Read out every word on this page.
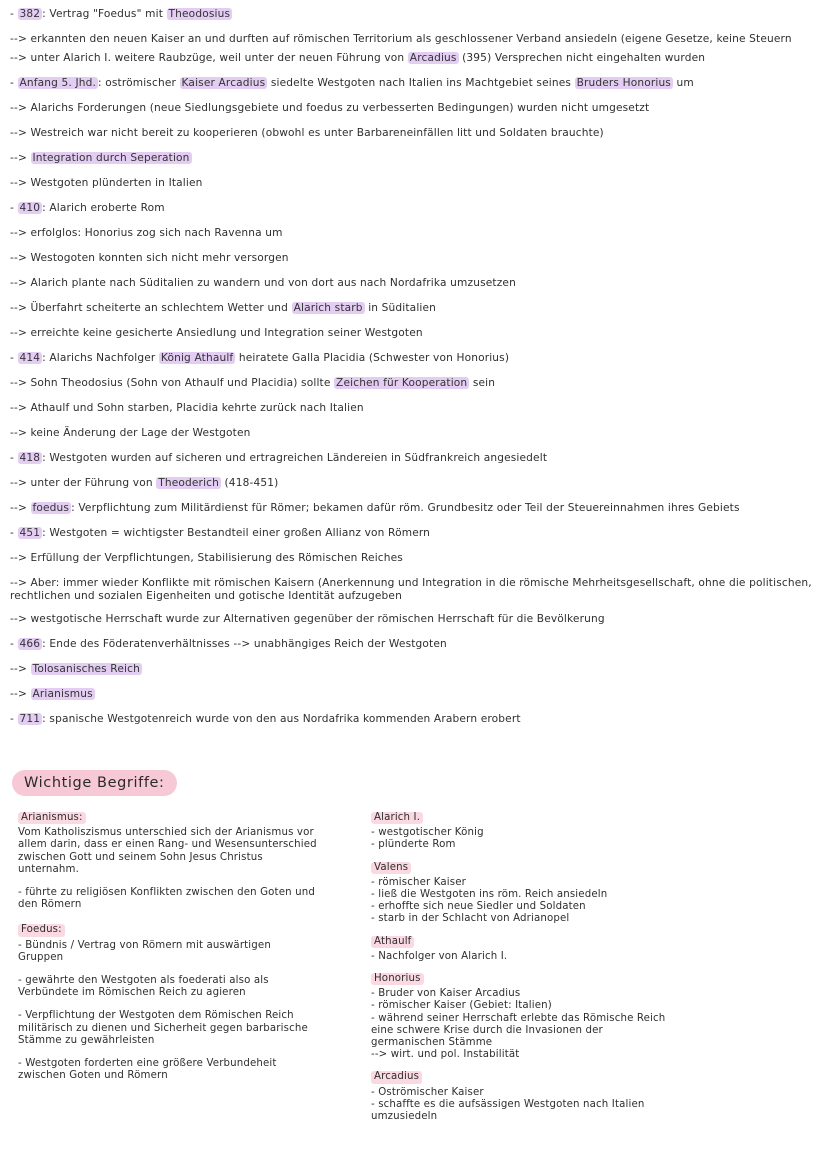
- 382 : Vertrag "Foedus" mit Theodosius
--> erkannten den neuen Kaiser an und durften auf römischen Territorium als geschlossener Verband ansiedeln (eigene Gesetze, keine Steuern
--> unter Alarich I. weitere Raubzüge, weil unter der neuen Führung von Arcadius (395) Versprechen nicht eingehalten wurden
- Anfang 5. Jhd. : oströmischer Kaiser Arcadius siedelte Westgoten nach Italien ins Machtgebiet seines Bruders Honorius um
--> Alarichs Forderungen (neue Siedlungsgebiete und foedus zu verbesserten Bedingungen) wurden nicht umgesetzt
--> Westreich war nicht bereit zu kooperieren (obwohl es unter Barbareneinfällen litt und Soldaten brauchte)
--> Integration durch Seperation
--> Westgoten plünderten in Italien
- 410 : Alarich eroberte Rom
--> erfolglos: Honorius zog sich nach Ravenna um
--> Westogoten konnten sich nicht mehr versorgen
--> Alarich plante nach Süditalien zu wandern und von dort aus nach Nordafrika umzusetzen
--> Überfahrt scheiterte an schlechtem Wetter und Alarich starb in Süditalien
--> erreichte keine gesicherte Ansiedlung und Integration seiner Westgoten
- 414 : Alarichs Nachfolger König Athaulf heiratete Galla Placidia (Schwester von Honorius)
--> Sohn Theodosius (Sohn von Athaulf und Placidia) sollte Zeichen für Kooperation sein
--> Athaulf und Sohn starben, Placidia kehrte zurück nach Italien
--> keine Änderung der Lage der Westgoten
- 418 : Westgoten wurden auf sicheren und ertragreichen Ländereien in Südfrankreich angesiedelt
--> unter der Führung von Theoderich (418-451)
--> foedus : Verpflichtung zum Militärdienst für Römer; bekamen dafür röm. Grundbesitz oder Teil der Steuereinnahmen ihres Gebiets
- 451 : Westgoten = wichtigster Bestandteil einer großen Allianz von Römern
--> Erfüllung der Verpflichtungen, Stabilisierung des Römischen Reiches
--> Aber: immer wieder Konflikte mit römischen Kaisern (Anerkennung und Integration in die römische Mehrheitsgesellschaft, ohne die politischen, rechtlichen und sozialen Eigenheiten und gotische Identität aufzugeben
--> westgotische Herrschaft wurde zur Alternativen gegenüber der römischen Herrschaft für die Bevölkerung
- 466 : Ende des Föderatenverhältnisses --> unabhängiges Reich der Westgoten
--> Tolosanisches Reich
--> Arianismus
- 711 : spanische Westgotenreich wurde von den aus Nordafrika kommenden Arabern erobert
Wichtige Begriffe:
Arianismus:
Vom Katholiszismus unterschied sich der Arianismus vor allem darin, dass er einen Rang- und Wesensunterschied zwischen Gott und seinem Sohn Jesus Christus unternahm.
- führte zu religiösen Konflikten zwischen den Goten und den Römern
Foedus:
- Bündnis / Vertrag von Römern mit auswärtigen Gruppen
- gewährte den Westgoten als foederati also als Verbündete im Römischen Reich zu agieren
- Verpflichtung der Westgoten dem Römischen Reich militärisch zu dienen und Sicherheit gegen barbarische Stämme zu gewährleisten
- Westgoten forderten eine größere Verbundeheit zwischen Goten und Römern
Alarich I.
- westgotischer König
- plünderte Rom
Valens
- römischer Kaiser
- ließ die Westgoten ins röm. Reich ansiedeln
- erhoffte sich neue Siedler und Soldaten
- starb in der Schlacht von Adrianopel
Athaulf
- Nachfolger von Alarich I.
Honorius
- Bruder von Kaiser Arcadius
- römischer Kaiser (Gebiet: Italien)
- während seiner Herrschaft erlebte das Römische Reich eine schwere Krise durch die Invasionen der germanischen Stämme
--> wirt. und pol. Instabilität
Arcadius
- Oströmischer Kaiser
- schaffte es die aufsässigen Westgoten nach Italien umzusiedeln
